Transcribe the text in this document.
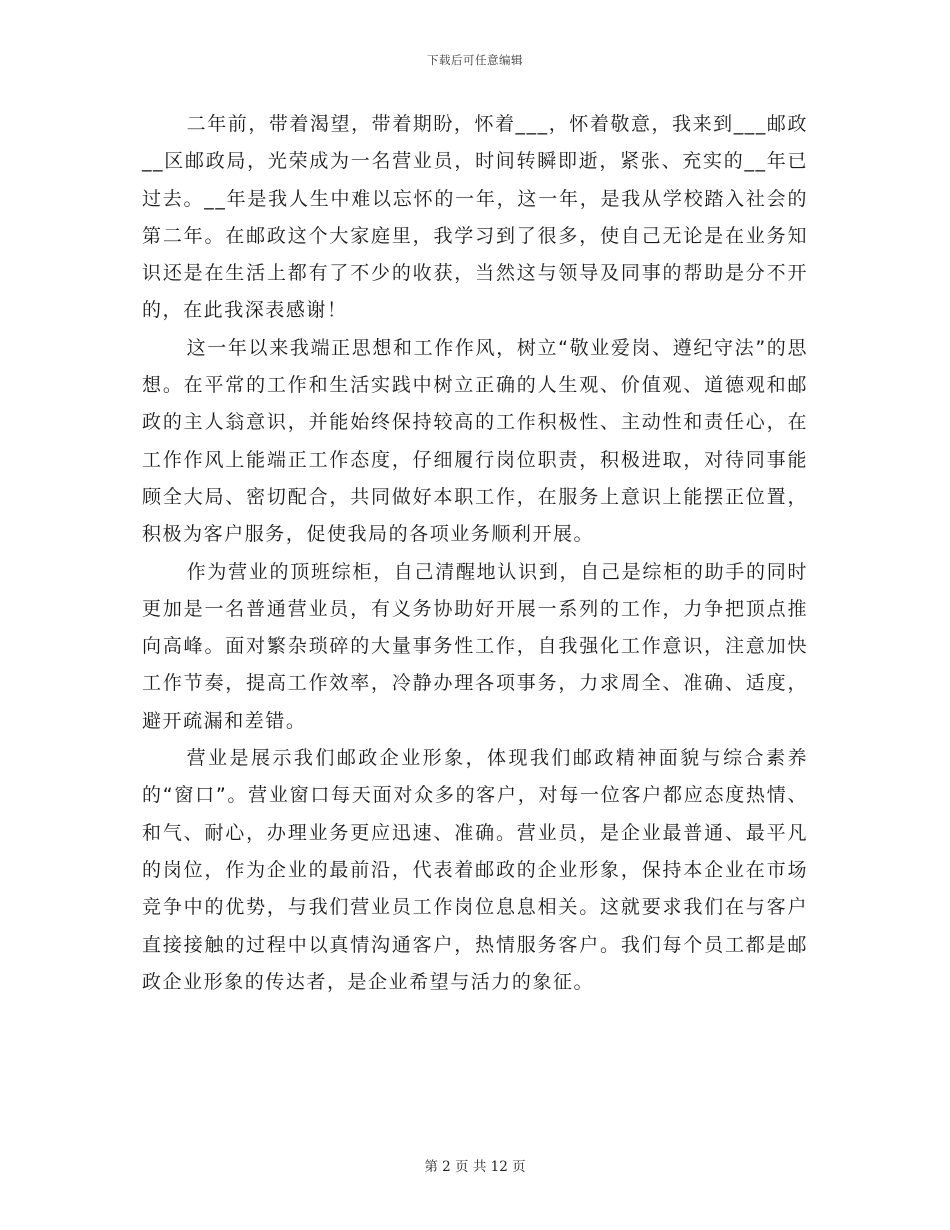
下载后可任意编辑

二年前，带着渴望，带着期盼，怀着___，怀着敬意，我来到___邮政__区邮政局，光荣成为一名营业员，时间转瞬即逝，紧张、充实的__年已过去。__年是我人生中难以忘怀的一年，这一年，是我从学校踏入社会的第二年。在邮政这个大家庭里，我学习到了很多，使自己无论是在业务知识还是在生活上都有了不少的收获，当然这与领导及同事的帮助是分不开的，在此我深表感谢！

这一年以来我端正思想和工作作风，树立“敬业爱岗、遵纪守法”的思想。在平常的工作和生活实践中树立正确的人生观、价值观、道德观和邮政的主人翁意识，并能始终保持较高的工作积极性、主动性和责任心，在工作作风上能端正工作态度，仔细履行岗位职责，积极进取，对待同事能顾全大局、密切配合，共同做好本职工作，在服务上意识上能摆正位置，积极为客户服务，促使我局的各项业务顺利开展。

作为营业的顶班综柜，自己清醒地认识到，自己是综柜的助手的同时更加是一名普通营业员，有义务协助好开展一系列的工作，力争把顶点推向高峰。面对繁杂琐碎的大量事务性工作，自我强化工作意识，注意加快工作节奏，提高工作效率，冷静办理各项事务，力求周全、准确、适度，避开疏漏和差错。

营业是展示我们邮政企业形象，体现我们邮政精神面貌与综合素养的“窗口”。营业窗口每天面对众多的客户，对每一位客户都应态度热情、和气、耐心，办理业务更应迅速、准确。营业员，是企业最普通、最平凡的岗位，作为企业的最前沿，代表着邮政的企业形象，保持本企业在市场竞争中的优势，与我们营业员工作岗位息息相关。这就要求我们在与客户直接接触的过程中以真情沟通客户，热情服务客户。我们每个员工都是邮政企业形象的传达者，是企业希望与活力的象征。

第 2 页 共 12 页
